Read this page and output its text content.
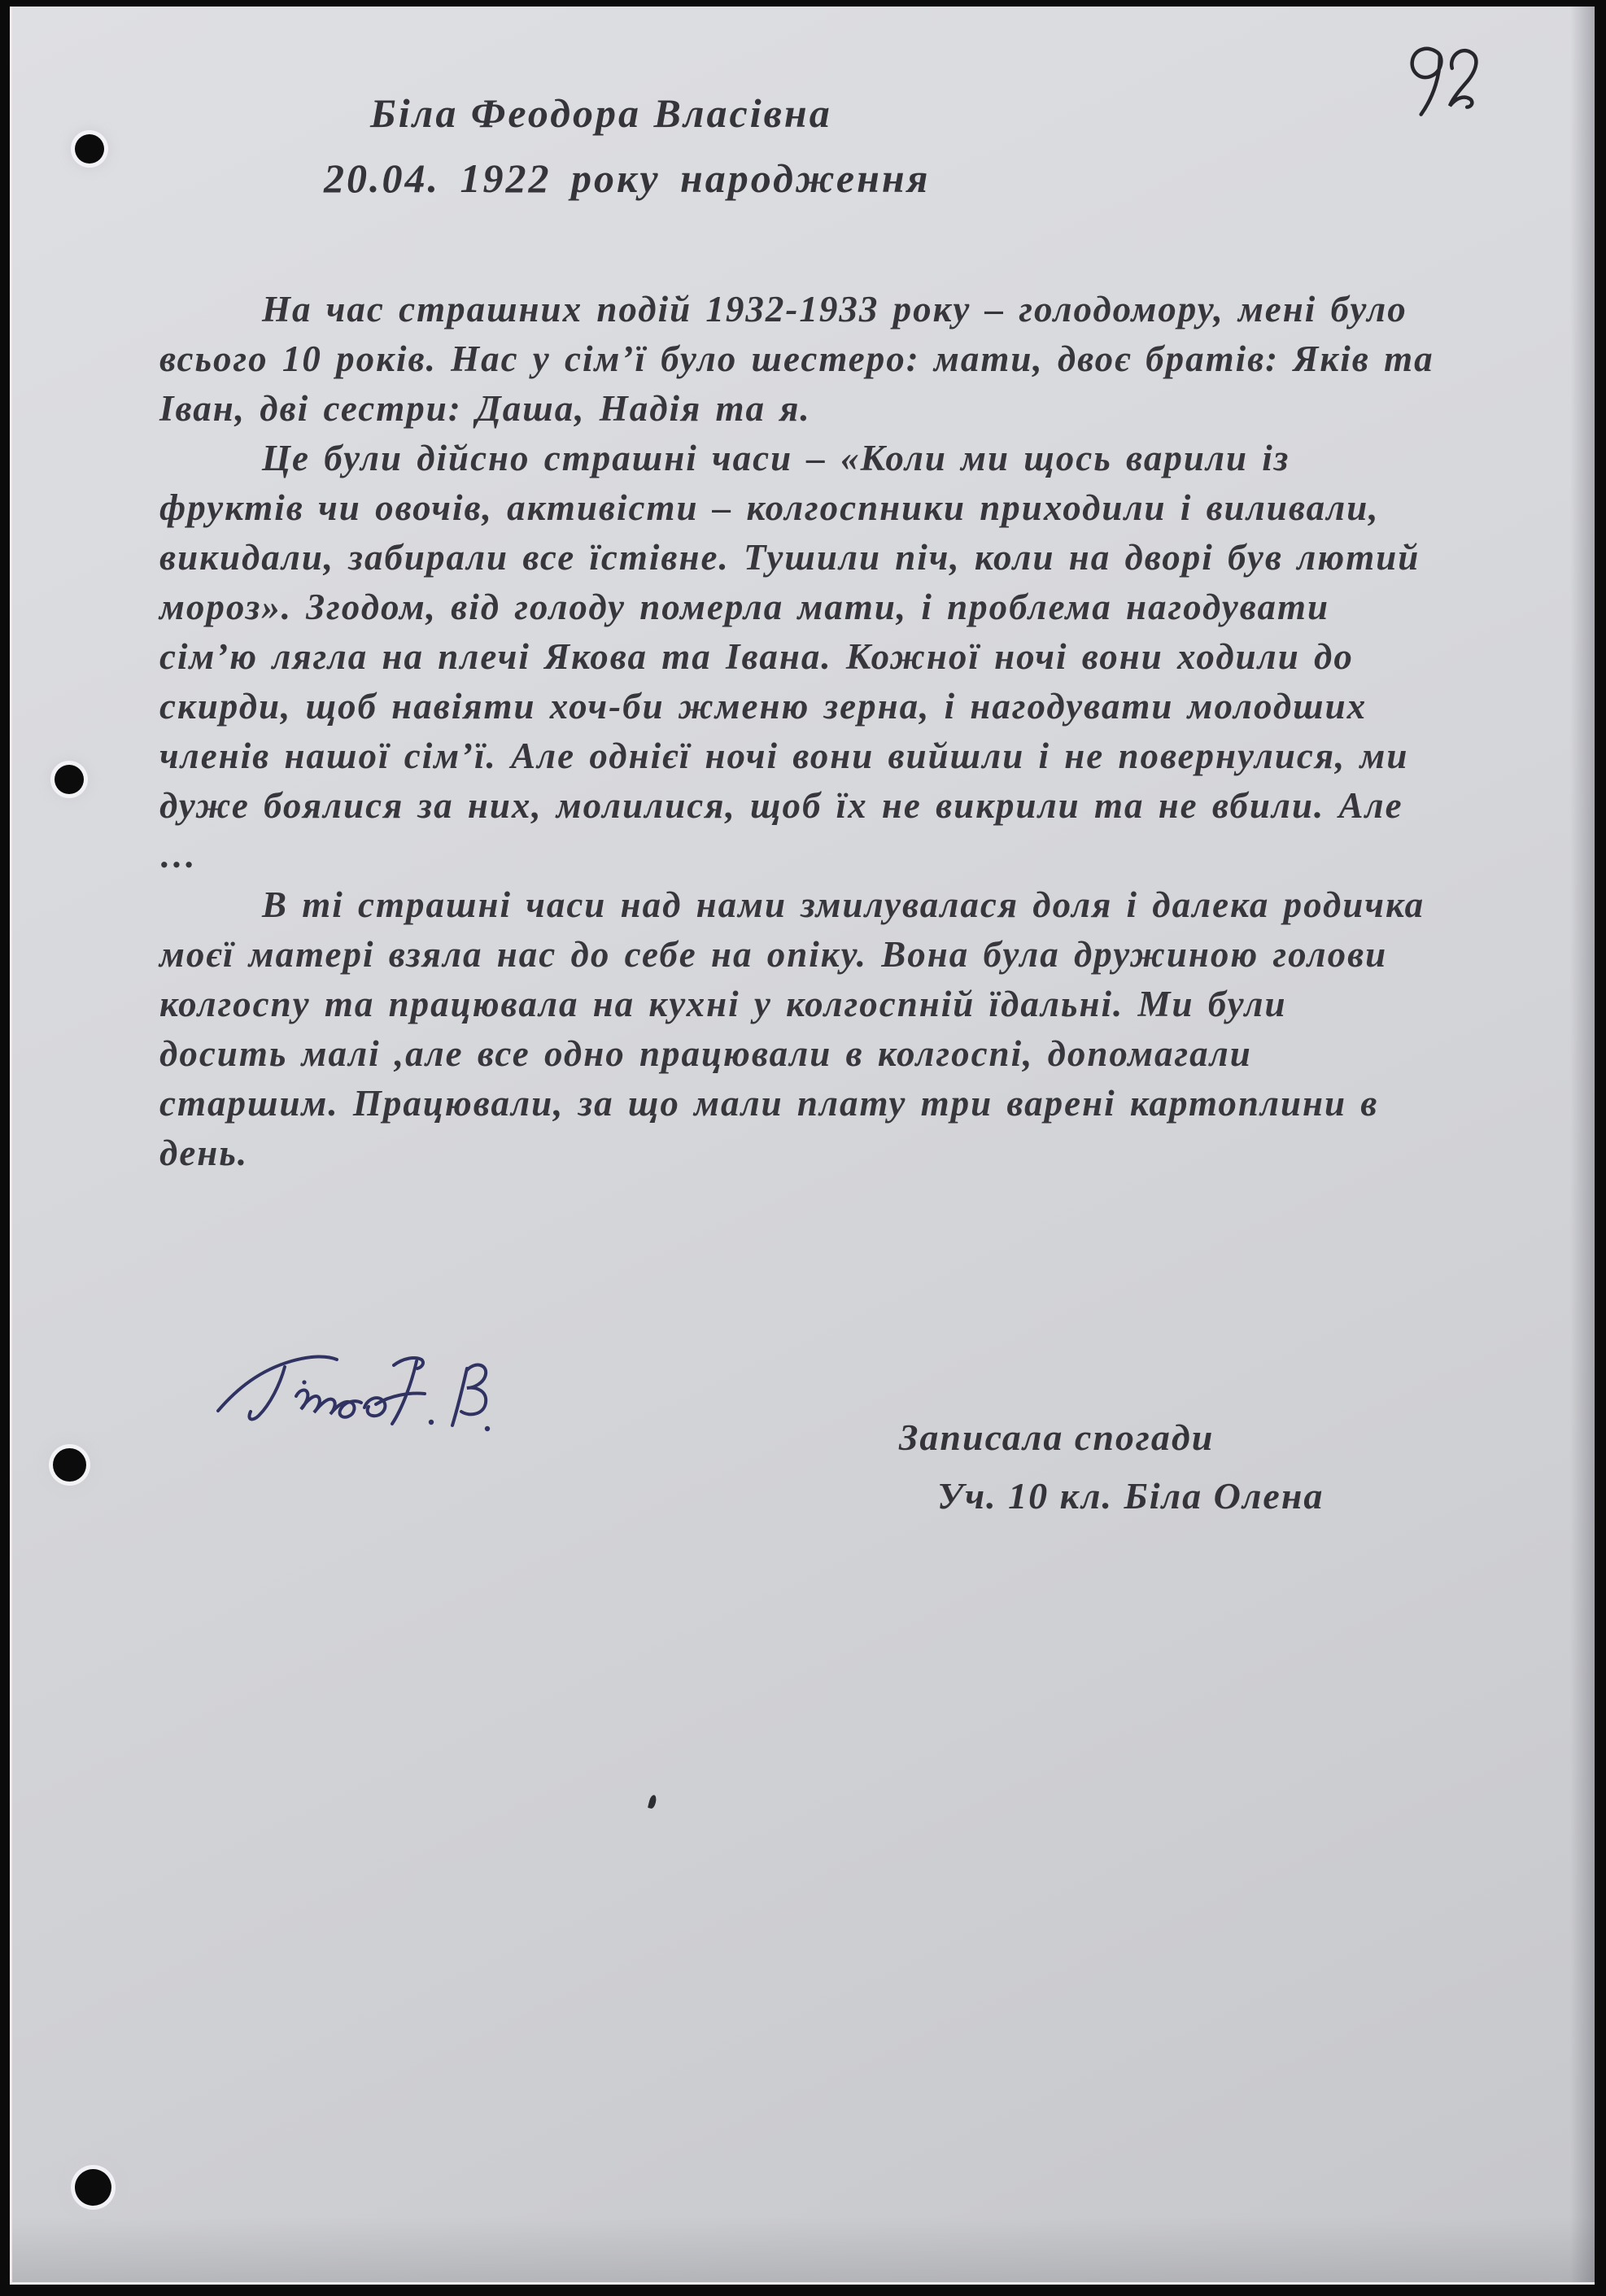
Біла Феодора Власівна
20.04. 1922 року народження
На час страшних подій 1932-1933 року – голодомору, мені було
всього 10 років. Нас у сім’ї було шестеро: мати, двоє братів: Яків та
Іван, дві сестри: Даша, Надія та я.
Це були дійсно страшні часи – «Коли ми щось варили із
фруктів чи овочів, активісти – колгоспники приходили і виливали,
викидали, забирали все їстівне. Тушили піч, коли на дворі був лютий
мороз». Згодом, від голоду померла мати, і проблема нагодувати
сім’ю лягла на плечі Якова та Івана. Кожної ночі вони ходили до
скирди, щоб навіяти хоч-би жменю зерна, і нагодувати молодших
членів нашої сім’ї. Але однієї ночі вони вийшли і не повернулися, ми
дуже боялися за них, молилися, щоб їх не викрили та не вбили. Але
…
В ті страшні часи над нами змилувалася доля і далека родичка
моєї матері взяла нас до себе на опіку. Вона була дружиною голови
колгоспу та працювала на кухні у колгоспній їдальні. Ми були
досить малі ,але все одно працювали в колгоспі, допомагали
старшим. Працювали, за що мали плату три варені картоплини в
день.
Записала спогади
Уч. 10 кл. Біла Олена
